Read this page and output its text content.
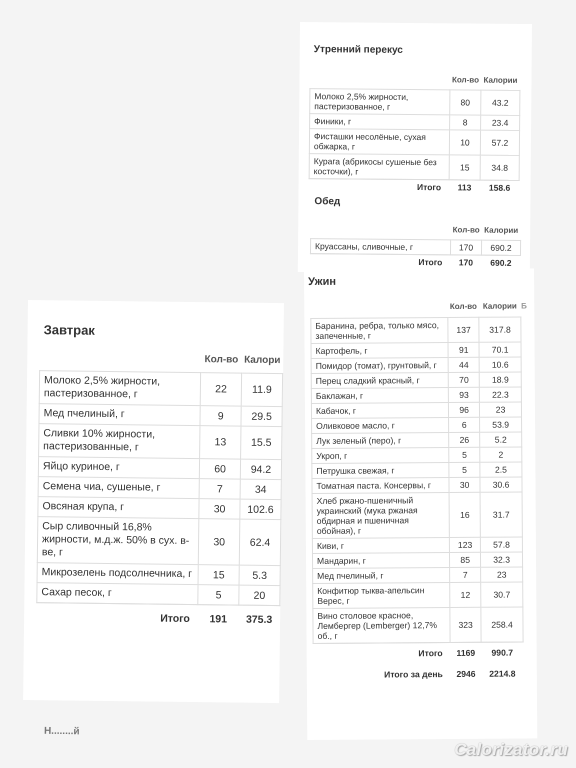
Утренний перекус
	Кол-во	Калории
Молоко 2,5% жирности, пастеризованное, г	80	43.2
Финики, г	8	23.4
Фисташки несолёные, сухая обжарка, г	10	57.2
Курага (абрикосы сушеные без косточки), г	15	34.8
Итого	113	158.6
Обед
	Кол-во	Калории
Круассаны, сливочные, г	170	690.2
Итого	170	690.2
Ужин
	Кол-во	Калории	Б
Баранина, ребра, только мясо, запеченные, г	137	317.8	
Картофель, г	91	70.1	
Помидор (томат), грунтовый, г	44	10.6	
Перец сладкий красный, г	70	18.9	
Баклажан, г	93	22.3	
Кабачок, г	96	23	
Оливковое масло, г	6	53.9	
Лук зеленый (перо), г	26	5.2	
Укроп, г	5	2	
Петрушка свежая, г	5	2.5	
Томатная паста. Консервы, г	30	30.6	
Хлеб ржано-пшеничный украинский (мука ржаная обдирная и пшеничная обойная), г	16	31.7	
Киви, г	123	57.8	
Мандарин, г	85	32.3	
Мед пчелиный, г	7	23	
Конфитюр тыква-апельсин Верес, г	12	30.7	
Вино столовое красное, Лембергер (Lemberger) 12,7% об., г	323	258.4	
Итого	1169	990.7	
Итого за день	2946	2214.8	
Завтрак
	Кол-во	Калори
Молоко 2,5% жирности, пастеризованное, г	22	11.9
Мед пчелиный, г	9	29.5
Сливки 10% жирности, пастеризованные, г	13	15.5
Яйцо куриное, г	60	94.2
Семена чиа, сушеные, г	7	34
Овсяная крупа, г	30	102.6
Сыр сливочный 16,8% жирности, м.д.ж. 50% в сух. в-ве, г	30	62.4
Микрозелень подсолнечника, г	15	5.3
Сахар песок, г	5	20
Итого	191	375.3
Н........й
Calorizator.ru
